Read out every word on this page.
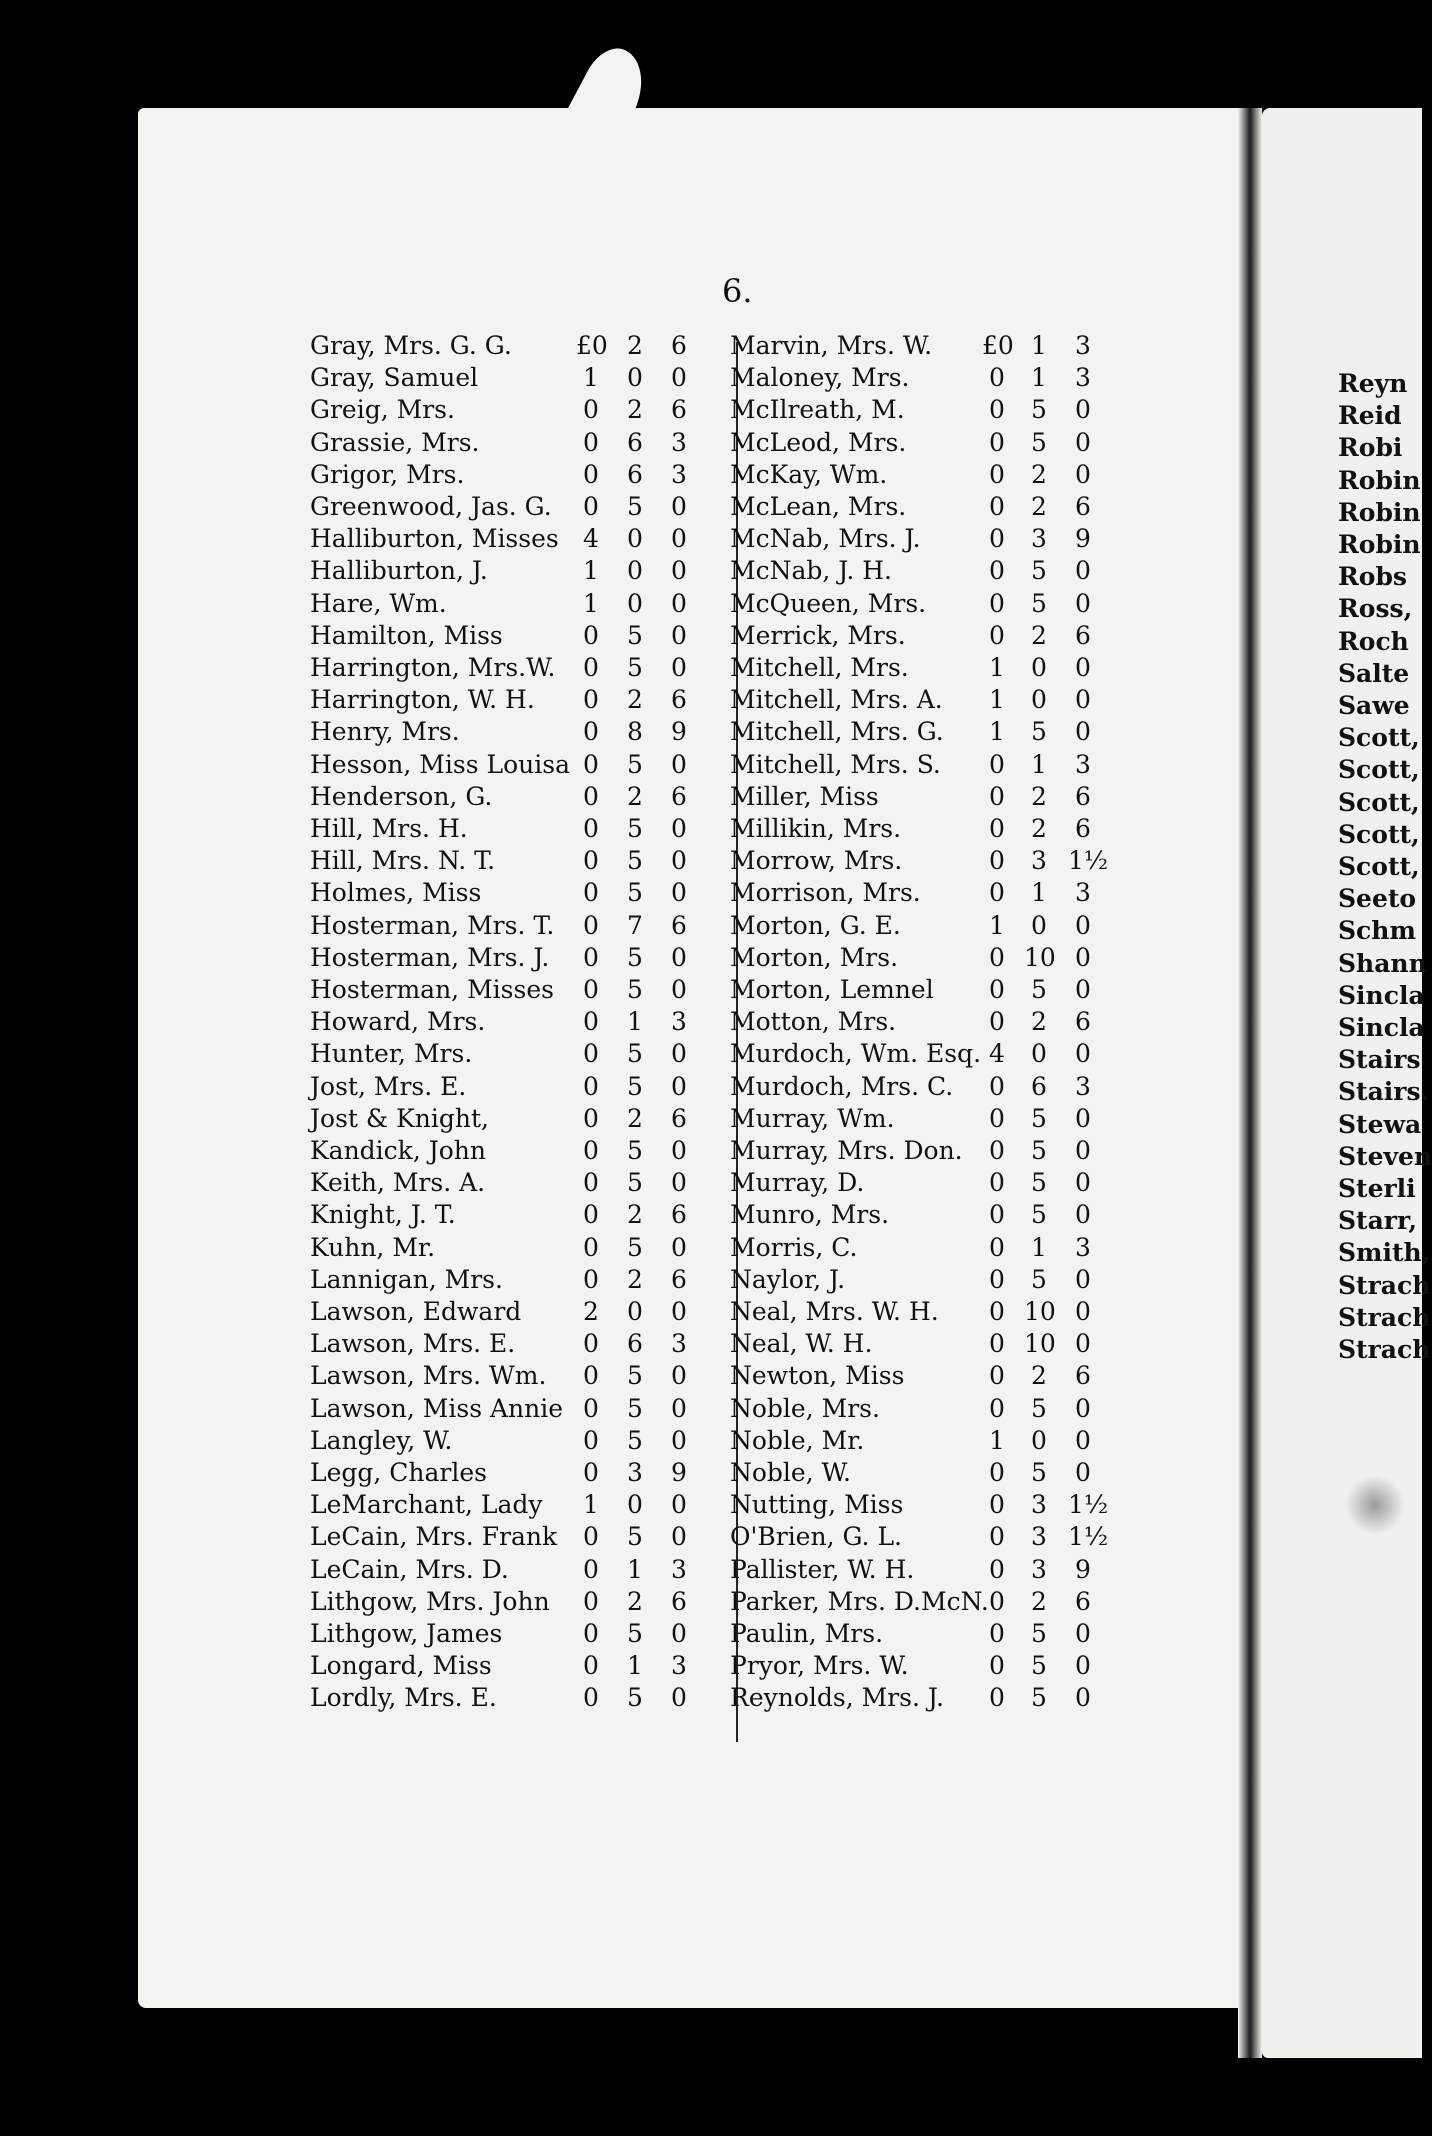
6.
Gray, Mrs. G. G.	£0 2 6
Gray, Samuel	1 0 0
Greig, Mrs.	0 2 6
Grassie, Mrs.	0 6 3
Grigor, Mrs.	0 6 3
Greenwood, Jas. G. 0 5 0
Halliburton, Misses 4 0 0
Halliburton, J.	1 0 0
Hare, Wm.	1 0 0
Hamilton, Miss	0 5 0
Harrington, Mrs.W. 0 5 0
Harrington, W. H. 0 2 6
Henry, Mrs.	0 8 9
Hesson, Miss Louisa 0 5 0
Henderson, G.	0 2 6
Hill, Mrs. H.	0 5 0
Hill, Mrs. N. T.	0 5 0
Holmes, Miss	0 5 0
Hosterman, Mrs. T. 0 7 6
Hosterman, Mrs. J. 0 5 0
Hosterman, Misses 0 5 0
Howard, Mrs.	0 1 3
Hunter, Mrs.	0 5 0
Jost, Mrs. E.	0 5 0
Jost & Knight,	0 2 6
Kandick, John	0 5 0
Keith, Mrs. A.	0 5 0
Knight, J. T.	0 2 6
Kuhn, Mr.	0 5 0
Lannigan, Mrs.	0 2 6
Lawson, Edward 2 0 0
Lawson, Mrs. E.	0 6 3
Lawson, Mrs. Wm. 0 5 0
Lawson, Miss Annie 0 5 0
Langley, W.	0 5 0
Legg, Charles	0 3 9
LeMarchant, Lady 1 0 0
LeCain, Mrs. Frank 0 5 0
LeCain, Mrs. D.	0 1 3
Lithgow, Mrs. John 0 2 6
Lithgow, James	0 5 0
Longard, Miss	0 1 3
Lordly, Mrs. E.	0 5 0
Marvin, Mrs. W. £0 1 3
Maloney, Mrs.	0 1 3
McIlreath, M.	0 5 0
McLeod, Mrs.	0 5 0
McKay, Wm.	0 2 0
McLean, Mrs.	0 2 6
McNab, Mrs. J.	0 3 9
McNab, J. H.	0 5 0
McQueen, Mrs.	0 5 0
Merrick, Mrs.	0 2 6
Mitchell, Mrs.	1 0 0
Mitchell, Mrs. A. 1 0 0
Mitchell, Mrs. G. 1 5 0
Mitchell, Mrs. S. 0 1 3
Miller, Miss	0 2 6
Millikin, Mrs.	0 2 6
Morrow, Mrs.	0 3 1½
Morrison, Mrs.	0 1 3
Morton, G. E.	1 0 0
Morton, Mrs.	0 10 0
Morton, Lemnel 0 5 0
Motton, Mrs.	0 2 6
Murdoch, Wm. Esq. 4 0 0
Murdoch, Mrs. C. 0 6 3
Murray, Wm.	0 5 0
Murray, Mrs. Don. 0 5 0
Murray, D.	0 5 0
Munro, Mrs.	0 5 0
Morris, C.	0 1 3
Naylor, J.	0 5 0
Neal, Mrs. W. H. 0 10 0
Neal, W. H.	0 10 0
Newton, Miss	0 2 6
Noble, Mrs.	0 5 0
Noble, Mr.	1 0 0
Noble, W.	0 5 0
Nutting, Miss	0 3 1½
O'Brien, G. L.	0 3 1½
Pallister, W. H.	0 3 9
Parker, Mrs. D.McN. 0 2 6
Paulin, Mrs.	0 5 0
Pryor, Mrs. W.	0 5 0
Reynolds, Mrs. J. 0 5 0
Reyn
Reid
Robi
Robin
Robin
Robin
Robs
Ross,
Roch
Salte
Sawe
Scott,
Scott,
Scott,
Scott,
Scott,
Seeto
Schm
Shann
Sincla
Sincla
Stairs
Stairs.
Stewa
Steven
Sterli
Starr,
Smith,
Strach
Strach
Strach
